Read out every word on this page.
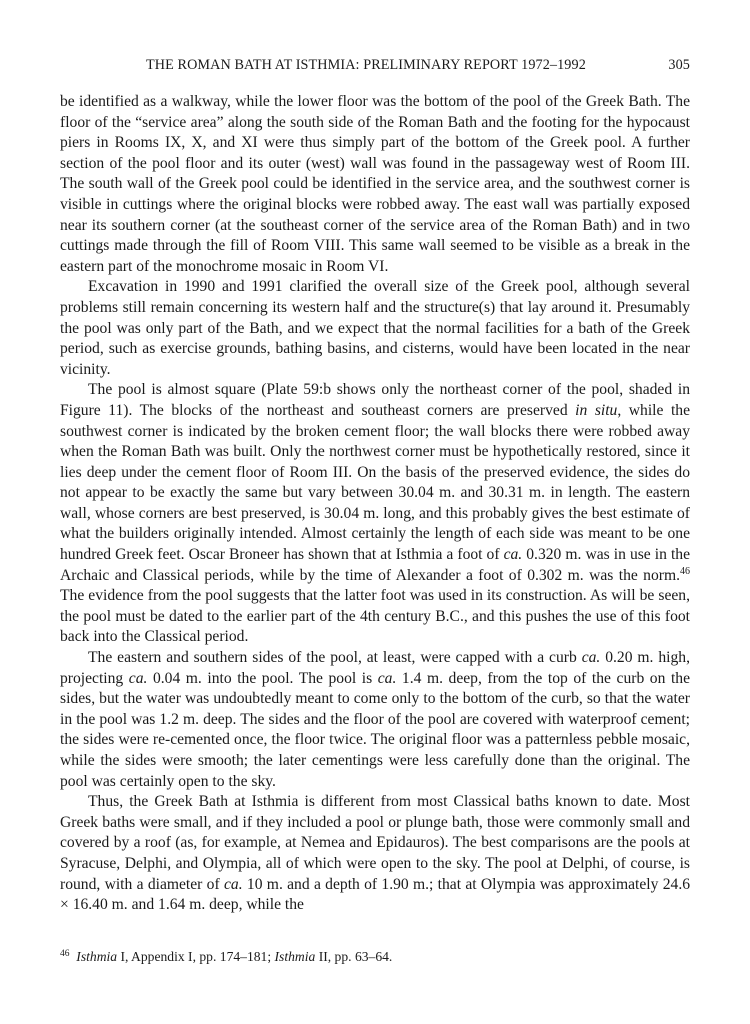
THE ROMAN BATH AT ISTHMIA: PRELIMINARY REPORT 1972–1992	305

be identified as a walkway, while the lower floor was the bottom of the pool of the Greek Bath. The floor of the “service area” along the south side of the Roman Bath and the footing for the hypocaust piers in Rooms IX, X, and XI were thus simply part of the bottom of the Greek pool. A further section of the pool floor and its outer (west) wall was found in the passageway west of Room III. The south wall of the Greek pool could be identified in the service area, and the southwest corner is visible in cuttings where the original blocks were robbed away. The east wall was partially exposed near its southern corner (at the southeast corner of the service area of the Roman Bath) and in two cuttings made through the fill of Room VIII. This same wall seemed to be visible as a break in the eastern part of the monochrome mosaic in Room VI.

Excavation in 1990 and 1991 clarified the overall size of the Greek pool, although several problems still remain concerning its western half and the structure(s) that lay around it. Presumably the pool was only part of the Bath, and we expect that the normal facilities for a bath of the Greek period, such as exercise grounds, bathing basins, and cisterns, would have been located in the near vicinity.

The pool is almost square (Plate 59:b shows only the northeast corner of the pool, shaded in Figure 11). The blocks of the northeast and southeast corners are preserved in situ, while the southwest corner is indicated by the broken cement floor; the wall blocks there were robbed away when the Roman Bath was built. Only the northwest corner must be hypothetically restored, since it lies deep under the cement floor of Room III. On the basis of the preserved evidence, the sides do not appear to be exactly the same but vary between 30.04 m. and 30.31 m. in length. The eastern wall, whose corners are best preserved, is 30.04 m. long, and this probably gives the best estimate of what the builders originally intended. Almost certainly the length of each side was meant to be one hundred Greek feet. Oscar Broneer has shown that at Isthmia a foot of ca. 0.320 m. was in use in the Archaic and Classical periods, while by the time of Alexander a foot of 0.302 m. was the norm.$^{46}$ The evidence from the pool suggests that the latter foot was used in its construction. As will be seen, the pool must be dated to the earlier part of the 4th century B.C., and this pushes the use of this foot back into the Classical period.

The eastern and southern sides of the pool, at least, were capped with a curb ca. 0.20 m. high, projecting ca. 0.04 m. into the pool. The pool is ca. 1.4 m. deep, from the top of the curb on the sides, but the water was undoubtedly meant to come only to the bottom of the curb, so that the water in the pool was 1.2 m. deep. The sides and the floor of the pool are covered with waterproof cement; the sides were re-cemented once, the floor twice. The original floor was a patternless pebble mosaic, while the sides were smooth; the later cementings were less carefully done than the original. The pool was certainly open to the sky.

Thus, the Greek Bath at Isthmia is different from most Classical baths known to date. Most Greek baths were small, and if they included a pool or plunge bath, those were commonly small and covered by a roof (as, for example, at Nemea and Epidauros). The best comparisons are the pools at Syracuse, Delphi, and Olympia, all of which were open to the sky. The pool at Delphi, of course, is round, with a diameter of ca. 10 m. and a depth of 1.90 m.; that at Olympia was approximately 24.6 × 16.40 m. and 1.64 m. deep, while the

$^{46}$ Isthmia I, Appendix I, pp. 174–181; Isthmia II, pp. 63–64.
